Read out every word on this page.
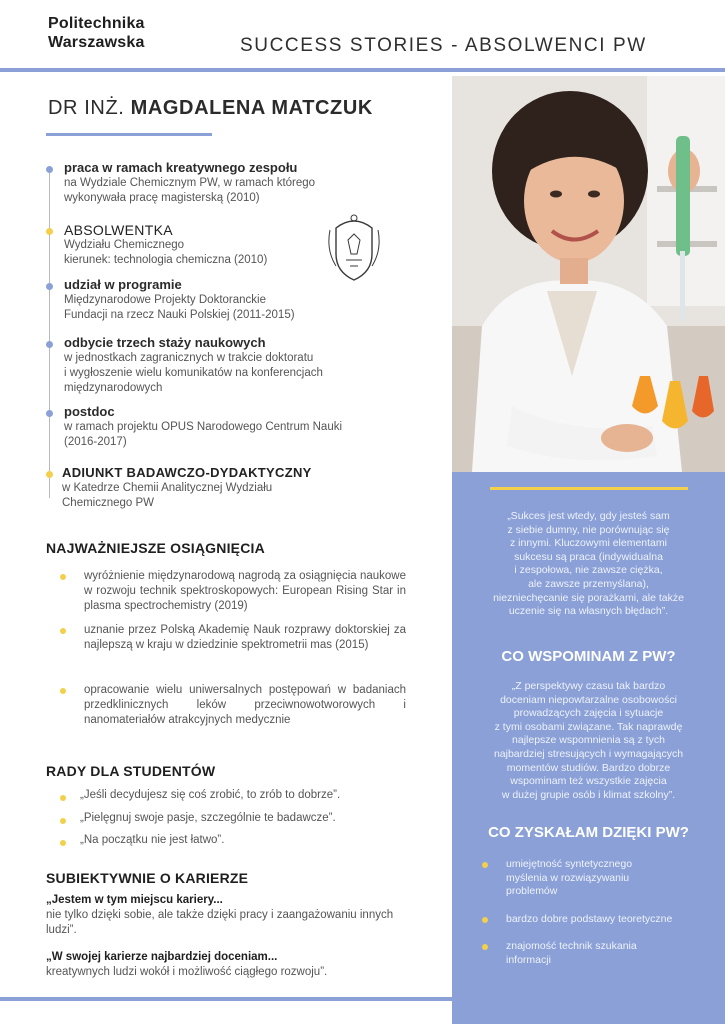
Politechnika
Warszawska	SUCCESS STORIES - ABSOLWENCI PW
„Sukces jest wtedy, gdy jesteś sam
z siebie dumny, nie porównując się
z innymi. Kluczowymi elementami
sukcesu są praca (indywidualna
i zespołowa, nie zawsze ciężka,
ale zawsze przemyślana),
niezniechęcanie się porażkami, ale także
uczenie się na własnych błędach”.
CO WSPOMINAM Z PW?
„Z perspektywy czasu tak bardzo
doceniam niepowtarzalne osobowości
prowadzących zajęcia i sytuacje
z tymi osobami związane. Tak naprawdę
najlepsze wspomnienia są z tych
najbardziej stresujących i wymagających
momentów studiów. Bardzo dobrze
wspominam też wszystkie zajęcia
w dużej grupie osób i klimat szkolny”.
CO ZYSKAŁAM DZIĘKI PW?
umiejętność syntetycznego
myślenia w rozwiązywaniu
problemów
bardzo dobre podstawy teoretyczne
znajomość technik szukania
informacji
DR INŻ. MAGDALENA MATCZUK
praca w ramach kreatywnego zespołu
na Wydziale Chemicznym PW, w ramach którego
wykonywała pracę magisterską (2010)
ABSOLWENTKA
Wydziału Chemicznego
kierunek: technologia chemiczna (2010)
udział w programie
Międzynarodowe Projekty Doktoranckie
Fundacji na rzecz Nauki Polskiej (2011-2015)
odbycie trzech staży naukowych
w jednostkach zagranicznych w trakcie doktoratu
i wygłoszenie wielu komunikatów na konferencjach
międzynarodowych
postdoc
w ramach projektu OPUS Narodowego Centrum Nauki
(2016-2017)
ADIUNKT BADAWCZO-DYDAKTYCZNY
w Katedrze Chemii Analitycznej Wydziału
Chemicznego PW
NAJWAŻNIEJSZE OSIĄGNIĘCIA
wyróżnienie międzynarodową nagrodą za osiągnięcia naukowe w rozwoju technik spektroskopowych: European Rising Star in plasma spectrochemistry (2019)
uznanie przez Polską Akademię Nauk rozprawy doktorskiej za najlepszą w kraju w dziedzinie spektrometrii mas (2015)
opracowanie wielu uniwersalnych postępowań w badaniach przedklinicznych leków przeciwnowotworowych i nanomateriałów atrakcyjnych medycznie
RADY DLA STUDENTÓW
„Jeśli decydujesz się coś zrobić, to zrób to dobrze”.
„Pielęgnuj swoje pasje, szczególnie te badawcze”.
„Na początku nie jest łatwo”.
SUBIEKTYWNIE O KARIERZE
„Jestem w tym miejscu kariery...
nie tylko dzięki sobie, ale także dzięki pracy i zaangażowaniu innych ludzi”.
„W swojej karierze najbardziej doceniam...
kreatywnych ludzi wokół i możliwość ciągłego rozwoju”.
